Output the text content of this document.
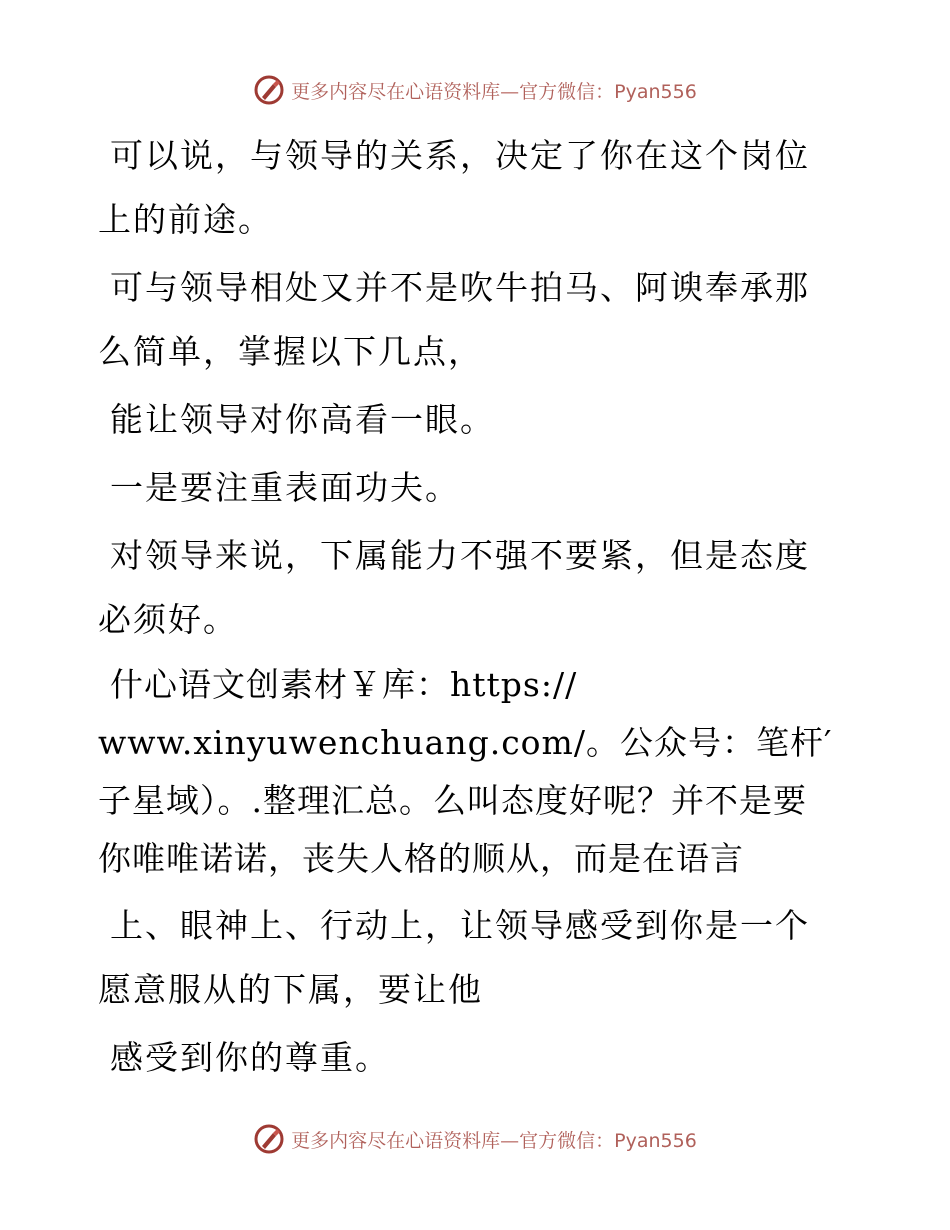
更多内容尽在心语资料库—官方微信：Pyan556

可以说，与领导的关系，决定了你在这个岗位上的前途。

可与领导相处又并不是吹牛拍马、阿谀奉承那么简单，掌握以下几点，

能让领导对你高看一眼。

一是要注重表面功夫。

对领导来说，下属能力不强不要紧，但是态度必须好。

什心语文创素材￥库：https://

www.xinyuwenchuang.com/。公众号：笔杆′子星域）。.整理汇总。么叫态度好呢？并不是要你唯唯诺诺，丧失人格的顺从，而是在语言

上、眼神上、行动上，让领导感受到你是一个愿意服从的下属，要让他

感受到你的尊重。

更多内容尽在心语资料库—官方微信：Pyan556
